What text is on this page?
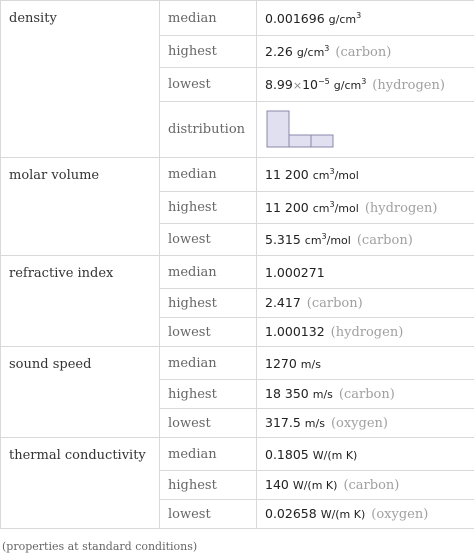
density	median	0.001696 $g/cm^3$
	highest	2.26 $g/cm^3$ (carbon)
	lowest	$8.99\times 10^{-5}$ $g/cm^3$ (hydrogen)
	distribution	

molar volume	median	11 200 $cm^3$/mol
	highest	11 200 $cm^3$/mol (hydrogen)
	lowest	5.315 $cm^3$/mol (carbon)
refractive index	median	1.000271
	highest	2.417 (carbon)
	lowest	1.000132 (hydrogen)
sound speed	median	1270 m/s
	highest	18 350 m/s (carbon)
	lowest	317.5 m/s (oxygen)
thermal conductivity	median	0.1805 W/(m K)
	highest	140 W/(m K) (carbon)
	lowest	0.02658 W/(m K) (oxygen)
(properties at standard conditions)
